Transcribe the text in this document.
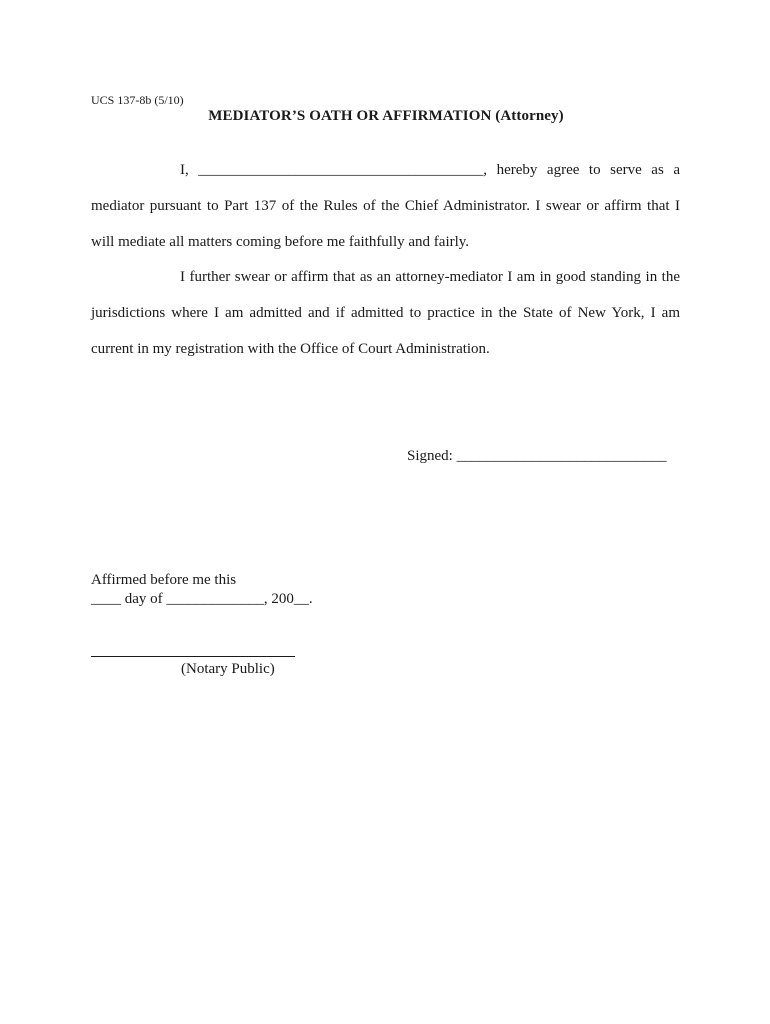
UCS 137-8b (5/10)
MEDIATOR’S OATH OR AFFIRMATION (Attorney)
I, ______________________________________, hereby agree to serve as a
mediator pursuant to Part 137 of the Rules of the Chief Administrator. I swear or affirm that I
will mediate all matters coming before me faithfully and fairly.
I further swear or affirm that as an attorney-mediator I am in good standing in the
jurisdictions where I am admitted and if admitted to practice in the State of New York, I am
current in my registration with the Office of Court Administration.
Signed: ____________________________
Affirmed before me this
____ day of _____________, 200__.
(Notary Public)
